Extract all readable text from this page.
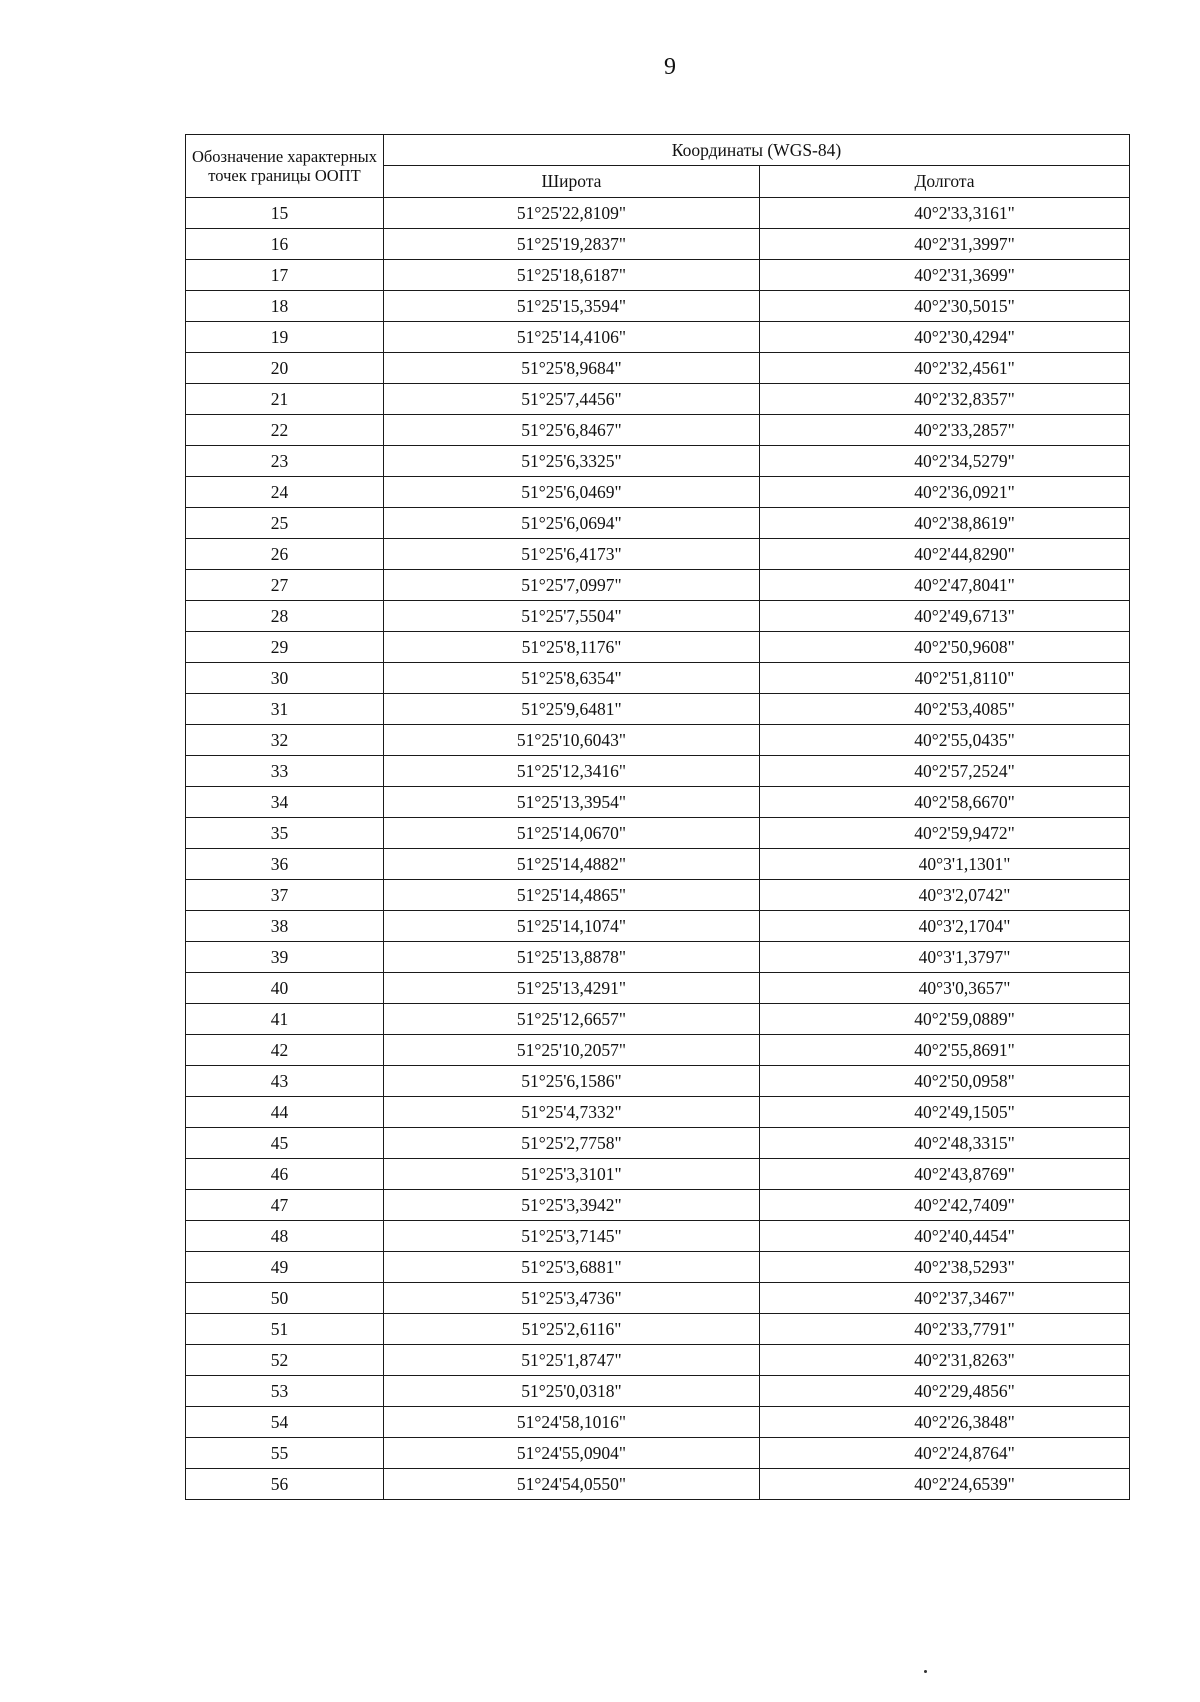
9
Обозначение характерных точек границы ООПТ	Координаты (WGS-84)	
	Широта	Долгота
15	51°25'22,8109"	40°2'33,3161"
16	51°25'19,2837"	40°2'31,3997"
17	51°25'18,6187"	40°2'31,3699"
18	51°25'15,3594"	40°2'30,5015"
19	51°25'14,4106"	40°2'30,4294"
20	51°25'8,9684"	40°2'32,4561"
21	51°25'7,4456"	40°2'32,8357"
22	51°25'6,8467"	40°2'33,2857"
23	51°25'6,3325"	40°2'34,5279"
24	51°25'6,0469"	40°2'36,0921"
25	51°25'6,0694"	40°2'38,8619"
26	51°25'6,4173"	40°2'44,8290"
27	51°25'7,0997"	40°2'47,8041"
28	51°25'7,5504"	40°2'49,6713"
29	51°25'8,1176"	40°2'50,9608"
30	51°25'8,6354"	40°2'51,8110"
31	51°25'9,6481"	40°2'53,4085"
32	51°25'10,6043"	40°2'55,0435"
33	51°25'12,3416"	40°2'57,2524"
34	51°25'13,3954"	40°2'58,6670"
35	51°25'14,0670"	40°2'59,9472"
36	51°25'14,4882"	40°3'1,1301"
37	51°25'14,4865"	40°3'2,0742"
38	51°25'14,1074"	40°3'2,1704"
39	51°25'13,8878"	40°3'1,3797"
40	51°25'13,4291"	40°3'0,3657"
41	51°25'12,6657"	40°2'59,0889"
42	51°25'10,2057"	40°2'55,8691"
43	51°25'6,1586"	40°2'50,0958"
44	51°25'4,7332"	40°2'49,1505"
45	51°25'2,7758"	40°2'48,3315"
46	51°25'3,3101"	40°2'43,8769"
47	51°25'3,3942"	40°2'42,7409"
48	51°25'3,7145"	40°2'40,4454"
49	51°25'3,6881"	40°2'38,5293"
50	51°25'3,4736"	40°2'37,3467"
51	51°25'2,6116"	40°2'33,7791"
52	51°25'1,8747"	40°2'31,8263"
53	51°25'0,0318"	40°2'29,4856"
54	51°24'58,1016"	40°2'26,3848"
55	51°24'55,0904"	40°2'24,8764"
56	51°24'54,0550"	40°2'24,6539"
